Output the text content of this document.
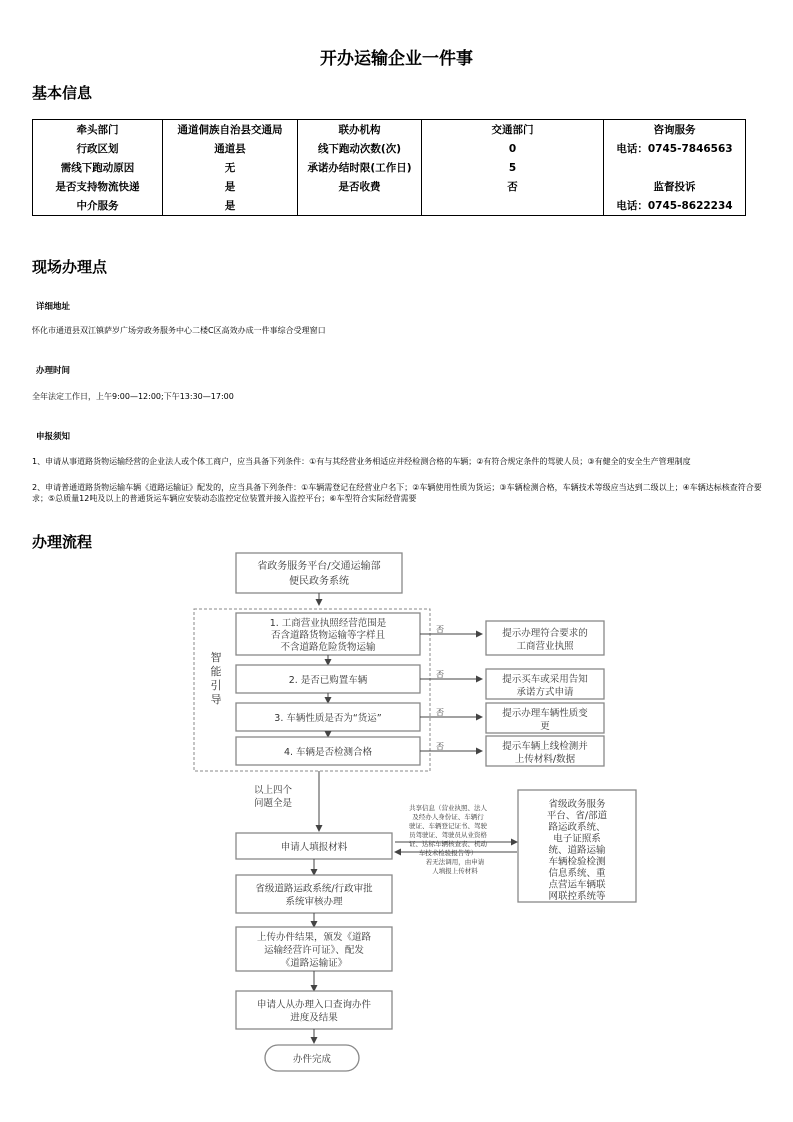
开办运输企业一件事
基本信息
牵头部门	通道侗族自治县交通局	联办机构	交通部门	咨询服务
行政区划	通道县	线下跑动次数(次)	0	电话：0745-7846563
需线下跑动原因	无	承诺办结时限(工作日)	5	
是否支持物流快递	是	是否收费	否	监督投诉
中介服务	是			电话：0745-8622234
现场办理点
详细地址
怀化市通道县双江镇萨岁广场旁政务服务中心二楼C区高效办成一件事综合受理窗口
办理时间
全年法定工作日，上午9:00—12:00;下午13:30—17:00
申报须知
1、申请从事道路货物运输经营的企业法人或个体工商户，应当具备下列条件：①有与其经营业务相适应并经检测合格的车辆；②有符合规定条件的驾驶人员；③有健全的安全生产管理制度
2、申请普通道路货物运输车辆《道路运输证》配发的，应当具备下列条件：①车辆需登记在经营业户名下；②车辆使用性质为货运；③车辆检测合格，车辆技术等级应当达到二级以上；④车辆达标核查符合要求；⑤总质量12吨及以上的普通货运车辆应安装动态监控定位装置并接入监控平台；⑥车型符合实际经营需要
办理流程
省政务服务平台/交通运输部
便民政务系统
智
能
引
导
1. 工商营业执照经营范围是
否含道路货物运输等字样且
不含道路危险货物运输
否	提示办理符合要求的
工商营业执照
2. 是否已购置车辆
否	提示买车或采用告知
承诺方式申请
3. 车辆性质是否为“货运”
否	提示办理车辆性质变
更
4. 车辆是否检测合格
否	提示车辆上线检测并
上传材料/数据
以上四个
问题全是	共享信息（营业执照、法人
及经办人身份证、车辆行
驶证、车辆登记证书、驾驶
员驾驶证、驾驶员从业资格
证、达标车辆核查表、机动
车技术检验报告等）
若无法调用，由申请
人填报上传材料
省级政务服务
平台、省/部道
路运政系统、
电子证照系
统、道路运输
车辆检验检测
信息系统、重
点营运车辆联
网联控系统等
申请人填报材料
省级道路运政系统/行政审批
系统审核办理
上传办件结果，颁发《道路
运输经营许可证》、配发
《道路运输证》
申请人从办理入口查询办件
进度及结果
办件完成
